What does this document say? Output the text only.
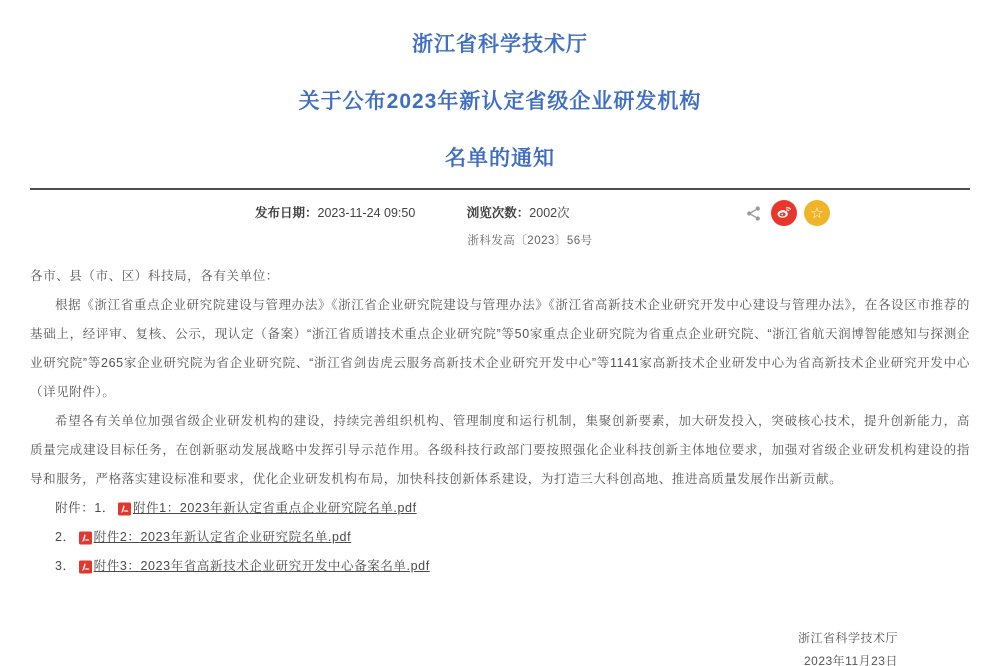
浙江省科学技术厅
关于公布2023年新认定省级企业研发机构
名单的通知
发布日期：2023-11-24 09:50	浏览次数：2002次	☆
浙科发高〔2023〕56号

各市、县（市、区）科技局，各有关单位：

根据《浙江省重点企业研究院建设与管理办法》《浙江省企业研究院建设与管理办法》《浙江省高新技术企业研究开发中心建设与管理办法》，在各设区市推荐的基础上，经评审、复核、公示，现认定（备案）“浙江省质谱技术重点企业研究院”等50家重点企业研究院为省重点企业研究院、“浙江省航天润博智能感知与探测企业研究院”等265家企业研究院为省企业研究院、“浙江省剑齿虎云服务高新技术企业研究开发中心”等1141家高新技术企业研发中心为省高新技术企业研究开发中心（详见附件）。

希望各有关单位加强省级企业研发机构的建设，持续完善组织机构、管理制度和运行机制，集聚创新要素，加大研发投入，突破核心技术，提升创新能力，高质量完成建设目标任务，在创新驱动发展战略中发挥引导示范作用。各级科技行政部门要按照强化企业科技创新主体地位要求，加强对省级企业研发机构建设的指导和服务，严格落实建设标准和要求，优化企业研发机构布局，加快科技创新体系建设，为打造三大科创高地、推进高质量发展作出新贡献。

附件： 1． 附件1：2023年新认定省重点企业研究院名单.pdf
2． 附件2：2023年新认定省企业研究院名单.pdf
3． 附件3：2023年省高新技术企业研究开发中心备案名单.pdf
浙江省科学技术厅
2023年11月23日
